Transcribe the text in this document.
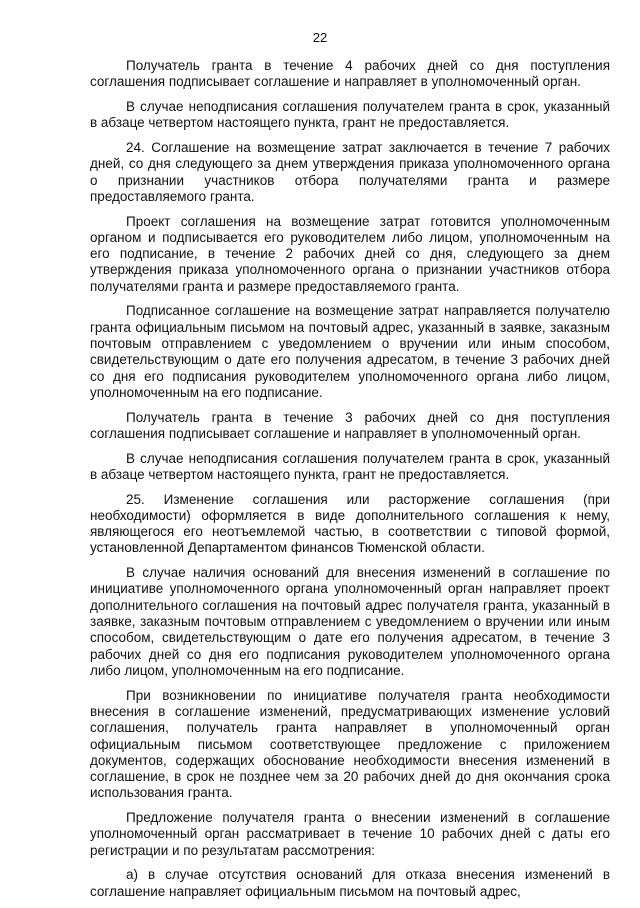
22

Получатель гранта в течение 4 рабочих дней со дня поступления соглашения подписывает соглашение и направляет в уполномоченный орган.

В случае неподписания соглашения получателем гранта в срок, указанный в абзаце четвертом настоящего пункта, грант не предоставляется.

24. Соглашение на возмещение затрат заключается в течение 7 рабочих дней, со дня следующего за днем утверждения приказа уполномоченного органа о признании участников отбора получателями гранта и размере предоставляемого гранта.

Проект соглашения на возмещение затрат готовится уполномоченным органом и подписывается его руководителем либо лицом, уполномоченным на его подписание, в течение 2 рабочих дней со дня, следующего за днем утверждения приказа уполномоченного органа о признании участников отбора получателями гранта и размере предоставляемого гранта.

Подписанное соглашение на возмещение затрат направляется получателю гранта официальным письмом на почтовый адрес, указанный в заявке, заказным почтовым отправлением с уведомлением о вручении или иным способом, свидетельствующим о дате его получения адресатом, в течение 3 рабочих дней со дня его подписания руководителем уполномоченного органа либо лицом, уполномоченным на его подписание.

Получатель гранта в течение 3 рабочих дней со дня поступления соглашения подписывает соглашение и направляет в уполномоченный орган.

В случае неподписания соглашения получателем гранта в срок, указанный в абзаце четвертом настоящего пункта, грант не предоставляется.

25. Изменение соглашения или расторжение соглашения (при необходимости) оформляется в виде дополнительного соглашения к нему, являющегося его неотъемлемой частью, в соответствии с типовой формой, установленной Департаментом финансов Тюменской области.

В случае наличия оснований для внесения изменений в соглашение по инициативе уполномоченного органа уполномоченный орган направляет проект дополнительного соглашения на почтовый адрес получателя гранта, указанный в заявке, заказным почтовым отправлением с уведомлением о вручении или иным способом, свидетельствующим о дате его получения адресатом, в течение 3 рабочих дней со дня его подписания руководителем уполномоченного органа либо лицом, уполномоченным на его подписание.

При возникновении по инициативе получателя гранта необходимости внесения в соглашение изменений, предусматривающих изменение условий соглашения, получатель гранта направляет в уполномоченный орган официальным письмом соответствующее предложение с приложением документов, содержащих обоснование необходимости внесения изменений в соглашение, в срок не позднее чем за 20 рабочих дней до дня окончания срока использования гранта.

Предложение получателя гранта о внесении изменений в соглашение уполномоченный орган рассматривает в течение 10 рабочих дней с даты его регистрации и по результатам рассмотрения:

а) в случае отсутствия оснований для отказа внесения изменений в соглашение направляет официальным письмом на почтовый адрес,
